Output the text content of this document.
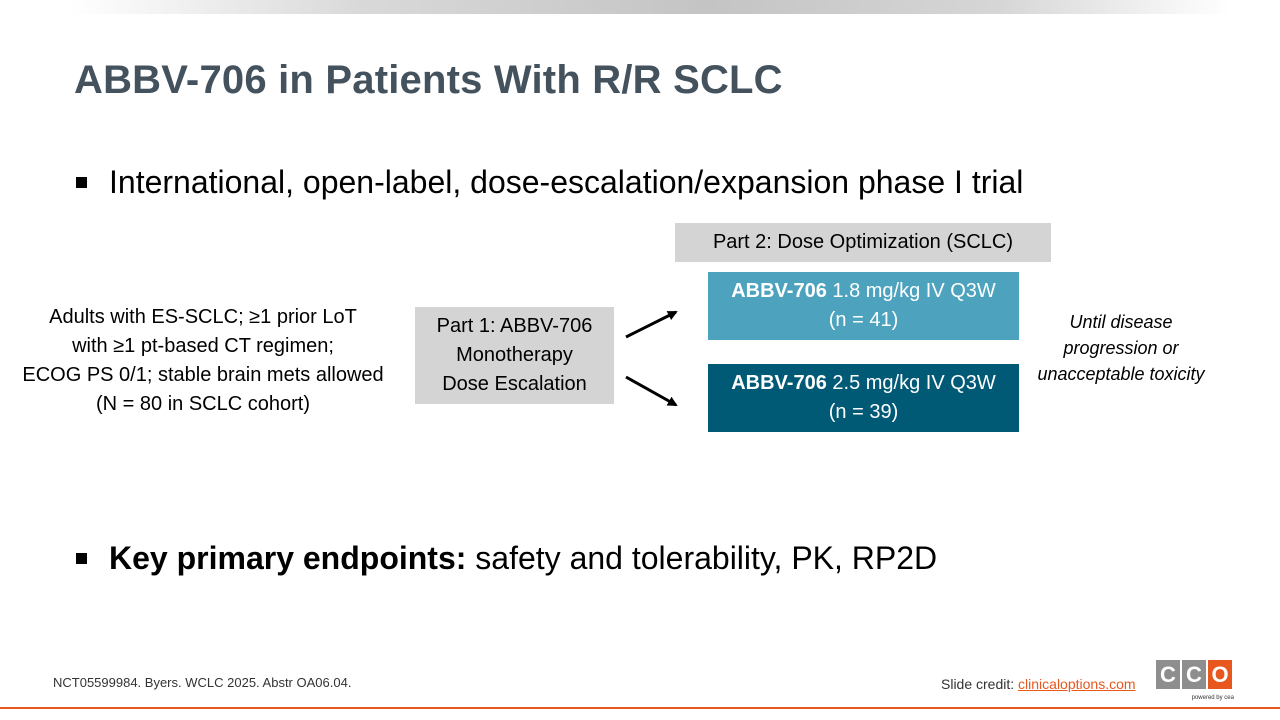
ABBV-706 in Patients With R/R SCLC
International, open-label, dose-escalation/expansion phase I trial
Adults with ES-SCLC; ≥1 prior LoT
with ≥1 pt-based CT regimen;
ECOG PS 0/1; stable brain mets allowed
(N = 80 in SCLC cohort)
Part 1: ABBV-706
Monotherapy
Dose Escalation
Part 2: Dose Optimization (SCLC)
ABBV-706 1.8 mg/kg IV Q3W
(n = 41)
ABBV-706 2.5 mg/kg IV Q3W
(n = 39)
Until disease
progression or
unacceptable toxicity
Key primary endpoints: safety and tolerability, PK, RP2D
NCT05599984. Byers. WCLC 2025. Abstr OA06.04.	Slide credit: clinicaloptions.com C C O
powered by cea
